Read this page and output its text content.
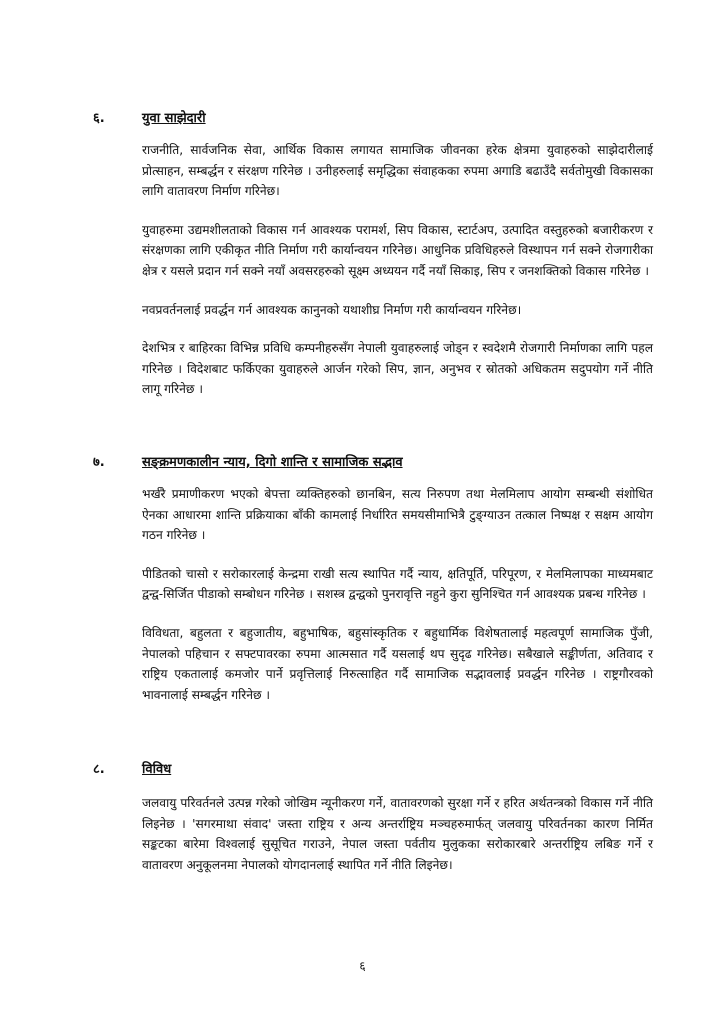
६.	युवा साझेदारी

राजनीति, सार्वजनिक सेवा, आर्थिक विकास लगायत सामाजिक जीवनका हरेक क्षेत्रमा युवाहरुको साझेदारीलाई प्रोत्साहन, सम्बर्द्धन र संरक्षण गरिनेछ । उनीहरुलाई समृद्धिका संवाहकका रुपमा अगाडि बढाउँदै सर्वतोमुखी विकासका लागि वातावरण निर्माण गरिनेछ।

युवाहरुमा उद्यमशीलताको विकास गर्न आवश्यक परामर्श, सिप विकास, स्टार्टअप, उत्पादित वस्तुहरुको बजारीकरण र संरक्षणका लागि एकीकृत नीति निर्माण गरी कार्यान्वयन गरिनेछ। आधुनिक प्रविधिहरुले विस्थापन गर्न सक्ने रोजगारीका क्षेत्र र यसले प्रदान गर्न सक्ने नयाँ अवसरहरुको सूक्ष्म अध्ययन गर्दै नयाँ सिकाइ, सिप र जनशक्तिको विकास गरिनेछ ।

नवप्रवर्तनलाई प्रवर्द्धन गर्न आवश्यक कानुनको यथाशीघ्र निर्माण गरी कार्यान्वयन गरिनेछ।

देशभित्र र बाहिरका विभिन्न प्रविधि कम्पनीहरुसँग नेपाली युवाहरुलाई जोड्न र स्वदेशमै रोजगारी निर्माणका लागि पहल गरिनेछ । विदेशबाट फर्किएका युवाहरुले आर्जन गरेको सिप, ज्ञान, अनुभव र स्रोतको अधिकतम सदुपयोग गर्ने नीति लागू गरिनेछ ।

७.	सङ्क्रमणकालीन न्याय, दिगो शान्ति र सामाजिक सद्भाव

भर्खरै प्रमाणीकरण भएको बेपत्ता व्यक्तिहरुको छानबिन, सत्य निरुपण तथा मेलमिलाप आयोग सम्बन्धी संशोधित ऐनका आधारमा शान्ति प्रक्रियाका बाँकी कामलाई निर्धारित समयसीमाभित्रै टुङ्ग्याउन तत्काल निष्पक्ष र सक्षम आयोग गठन गरिनेछ ।

पीडितको चासो र सरोकारलाई केन्द्रमा राखी सत्य स्थापित गर्दै न्याय, क्षतिपूर्ति, परिपूरण, र मेलमिलापका माध्यमबाट द्वन्द्व-सिर्जित पीडाको सम्बोधन गरिनेछ । सशस्त्र द्वन्द्वको पुनरावृत्ति नहुने कुरा सुनिश्चित गर्न आवश्यक प्रबन्ध गरिनेछ ।

विविधता, बहुलता र बहुजातीय, बहुभाषिक, बहुसांस्कृतिक र बहुधार्मिक विशेषतालाई महत्वपूर्ण सामाजिक पुँजी, नेपालको पहिचान र सफ्टपावरका रुपमा आत्मसात गर्दै यसलाई थप सुदृढ गरिनेछ। सबैखाले सङ्कीर्णता, अतिवाद र राष्ट्रिय एकतालाई कमजोर पार्ने प्रवृत्तिलाई निरुत्साहित गर्दै सामाजिक सद्भावलाई प्रवर्द्धन गरिनेछ । राष्ट्रगौरवको भावनालाई सम्बर्द्धन गरिनेछ ।

८.	विविध

जलवायु परिवर्तनले उत्पन्न गरेको जोखिम न्यूनीकरण गर्ने, वातावरणको सुरक्षा गर्ने र हरित अर्थतन्त्रको विकास गर्ने नीति लिइनेछ । 'सगरमाथा संवाद' जस्ता राष्ट्रिय र अन्य अन्तर्राष्ट्रिय मञ्चहरुमार्फत् जलवायु परिवर्तनका कारण निर्मित सङ्कटका बारेमा विश्वलाई सुसूचित गराउने, नेपाल जस्ता पर्वतीय मुलुकका सरोकारबारे अन्तर्राष्ट्रिय लबिङ गर्ने र वातावरण अनुकूलनमा नेपालको योगदानलाई स्थापित गर्ने नीति लिइनेछ।

६
